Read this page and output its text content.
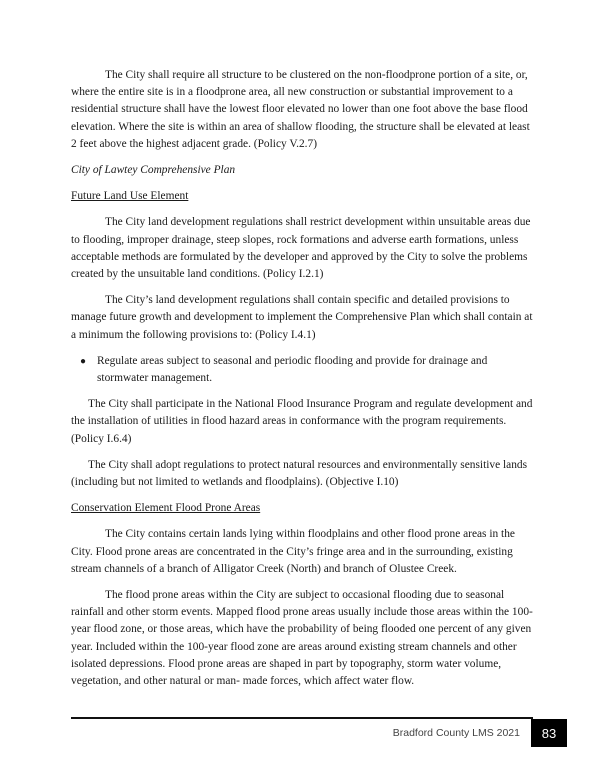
The City shall require all structure to be clustered on the non-floodprone portion of a site, or, where the entire site is in a floodprone area, all new construction or substantial improvement to a residential structure shall have the lowest floor elevated no lower than one foot above the base flood elevation. Where the site is within an area of shallow flooding, the structure shall be elevated at least 2 feet above the highest adjacent grade. (Policy V.2.7)

City of Lawtey Comprehensive Plan

Future Land Use Element

The City land development regulations shall restrict development within unsuitable areas due to flooding, improper drainage, steep slopes, rock formations and adverse earth formations, unless acceptable methods are formulated by the developer and approved by the City to solve the problems created by the unsuitable land conditions. (Policy I.2.1)

The City’s land development regulations shall contain specific and detailed provisions to manage future growth and development to implement the Comprehensive Plan which shall contain at a minimum the following provisions to: (Policy I.4.1)

● Regulate areas subject to seasonal and periodic flooding and provide for drainage and stormwater management.

The City shall participate in the National Flood Insurance Program and regulate development and the installation of utilities in flood hazard areas in conformance with the program requirements. (Policy I.6.4)

The City shall adopt regulations to protect natural resources and environmentally sensitive lands (including but not limited to wetlands and floodplains). (Objective I.10)

Conservation Element Flood Prone Areas

The City contains certain lands lying within floodplains and other flood prone areas in the City. Flood prone areas are concentrated in the City’s fringe area and in the surrounding, existing stream channels of a branch of Alligator Creek (North) and branch of Olustee Creek.

The flood prone areas within the City are subject to occasional flooding due to seasonal rainfall and other storm events. Mapped flood prone areas usually include those areas within the 100-year flood zone, or those areas, which have the probability of being flooded one percent of any given year. Included within the 100-year flood zone are areas around existing stream channels and other isolated depressions. Flood prone areas are shaped in part by topography, storm water volume, vegetation, and other natural or man- made forces, which affect water flow.

Bradford County LMS 2021	83
